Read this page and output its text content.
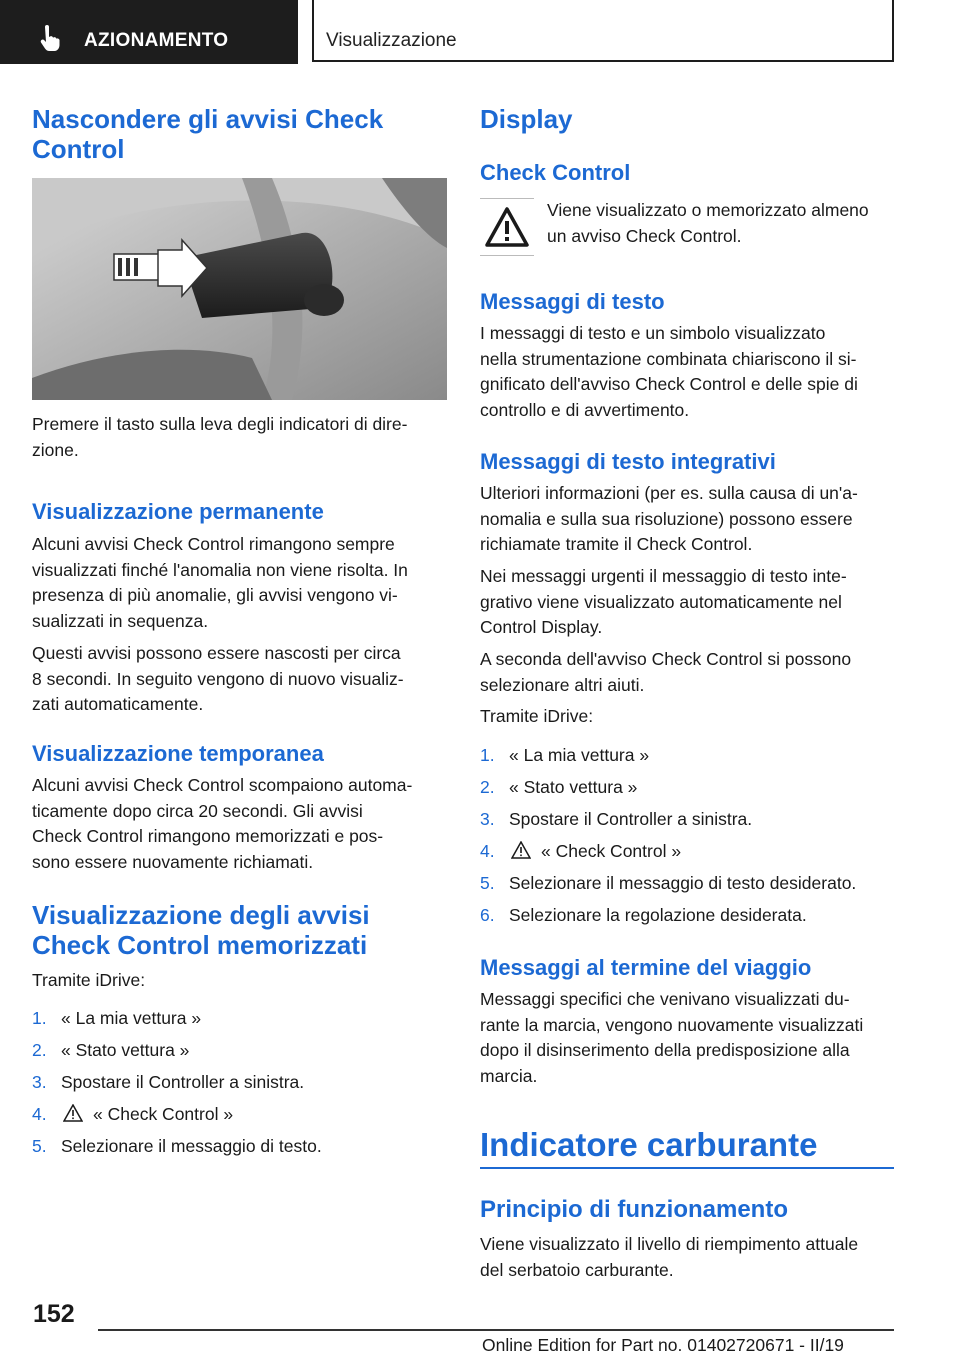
AZIONAMENTO	Visualizzazione
Nascondere gli avvisi Check
Control

Premere il tasto sulla leva degli indicatori di dire-
zione.

Visualizzazione permanente

Alcuni avvisi Check Control rimangono sempre
visualizzati finché l'anomalia non viene risolta. In
presenza di più anomalie, gli avvisi vengono vi-
sualizzati in sequenza.

Questi avvisi possono essere nascosti per circa
8 secondi. In seguito vengono di nuovo visualiz-
zati automaticamente.

Visualizzazione temporanea

Alcuni avvisi Check Control scompaiono automa-
ticamente dopo circa 20 secondi. Gli avvisi
Check Control rimangono memorizzati e pos-
sono essere nuovamente richiamati.

Visualizzazione degli avvisi
Check Control memorizzati

Tramite iDrive:

1. « La mia vettura »
2. « Stato vettura »
3. Spostare il Controller a sinistra.
4.	« Check Control »
5. Selezionare il messaggio di testo.
Display
Check Control

Viene visualizzato o memorizzato almeno
un avviso Check Control.

Messaggi di testo

I messaggi di testo e un simbolo visualizzato
nella strumentazione combinata chiariscono il si-
gnificato dell'avviso Check Control e delle spie di
controllo e di avvertimento.

Messaggi di testo integrativi

Ulteriori informazioni (per es. sulla causa di un'a-
nomalia e sulla sua risoluzione) possono essere
richiamate tramite il Check Control.

Nei messaggi urgenti il messaggio di testo inte-
grativo viene visualizzato automaticamente nel
Control Display.

A seconda dell'avviso Check Control si possono
selezionare altri aiuti.

Tramite iDrive:

1. « La mia vettura »
2. « Stato vettura »
3. Spostare il Controller a sinistra.
4.	« Check Control »
5. Selezionare il messaggio di testo desiderato.
6. Selezionare la regolazione desiderata.
Messaggi al termine del viaggio

Messaggi specifici che venivano visualizzati du-
rante la marcia, vengono nuovamente visualizzati
dopo il disinserimento della predisposizione alla
marcia.

Indicatore carburante
Principio di funzionamento

Viene visualizzato il livello di riempimento attuale
del serbatoio carburante.

152
Online Edition for Part no. 01402720671 - II/19
